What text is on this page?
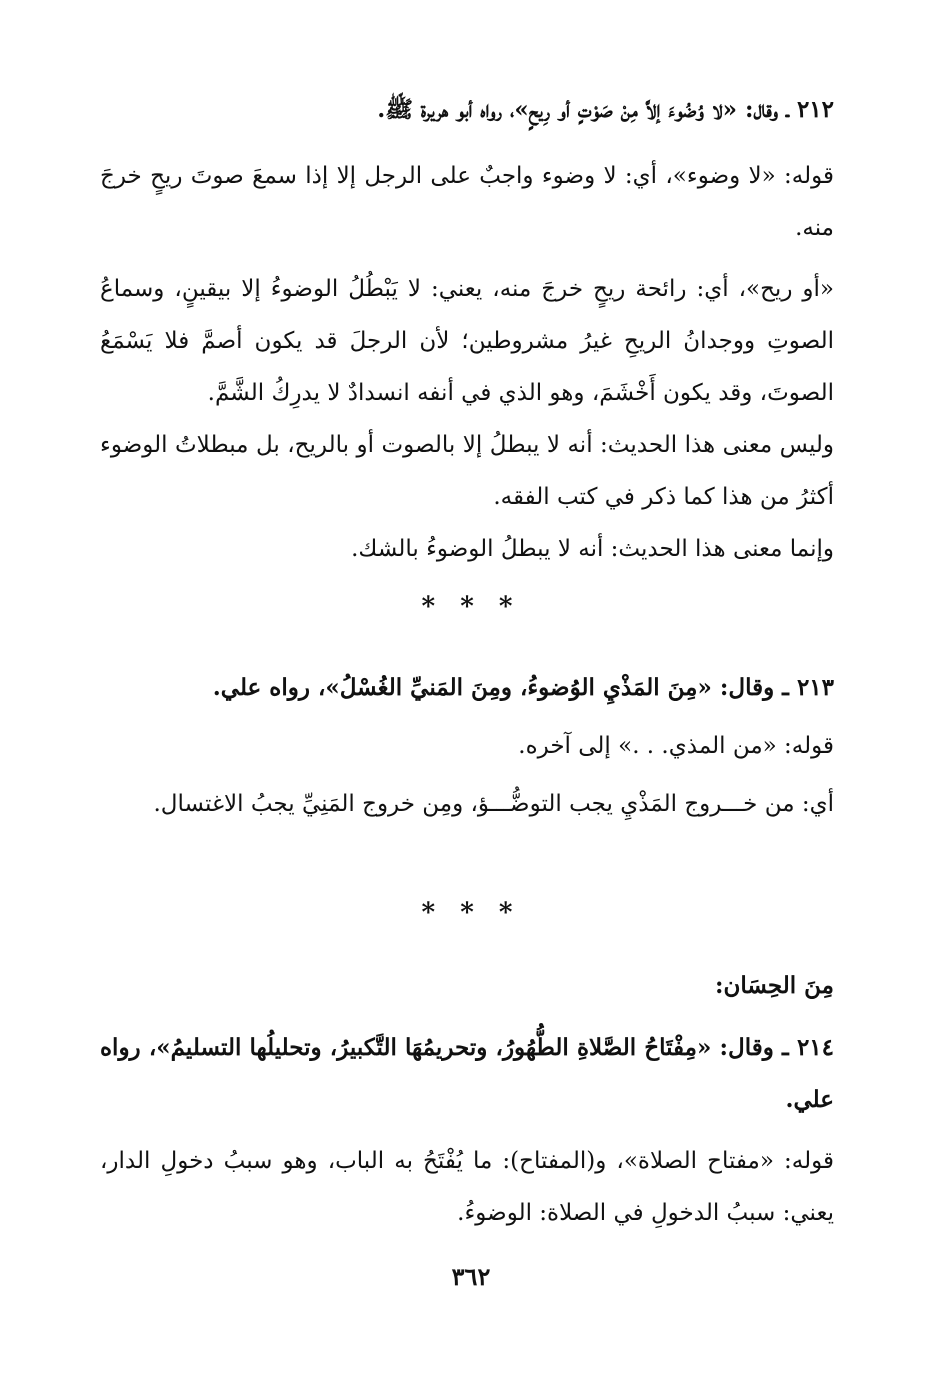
٢١٢ ـ وقال: «لا وُضُوءَ إلاَّ مِنْ صَوْتٍ أو رِيحٍ»، رواه أبو هريرة ﷺ.
قوله: «لا وضوء»، أي: لا وضوء واجبٌ على الرجل إلا إذا سمعَ صوتَ ريحٍ خرجَ منه.
«أو ريح»، أي: رائحة ريحٍ خرجَ منه، يعني: لا يَبْطُلُ الوضوءُ إلا بيقينٍ، وسماعُ الصوتِ ووجدانُ الريحِ غيرُ مشروطين؛ لأن الرجلَ قد يكون أصمَّ فلا يَسْمَعُ الصوتَ، وقد يكون أَخْشَمَ، وهو الذي في أنفه انسدادٌ لا يدرِكُ الشَّمَّ.
وليس معنى هذا الحديث: أنه لا يبطلُ إلا بالصوت أو بالريح، بل مبطلاتُ الوضوء أكثرُ من هذا كما ذكر في كتب الفقه.
وإنما معنى هذا الحديث: أنه لا يبطلُ الوضوءُ بالشك.
* * *
٢١٣ ـ وقال: «مِنَ المَذْيِ الوُضوءُ، ومِنَ المَنيِّ الغُسْلُ»، رواه علي.
قوله: «من المذي. . .» إلى آخره.
أي: من خـــروج المَذْيِ يجب التوضُّـــؤ، ومِن خروج المَنِيِّ يجبُ الاغتسال.
* * *
مِنَ الحِسَان:
٢١٤ ـ وقال: «مِفْتَاحُ الصَّلاةِ الطُّهُورُ، وتحريمُهَا التَّكبيرُ، وتحليلُها التسليمُ»، رواه علي.
قوله: «مفتاح الصلاة»، و(المفتاح): ما يُفْتَحُ به الباب، وهو سببُ دخولِ الدار، يعني: سببُ الدخولِ في الصلاة: الوضوءُ.
٣٦٢
